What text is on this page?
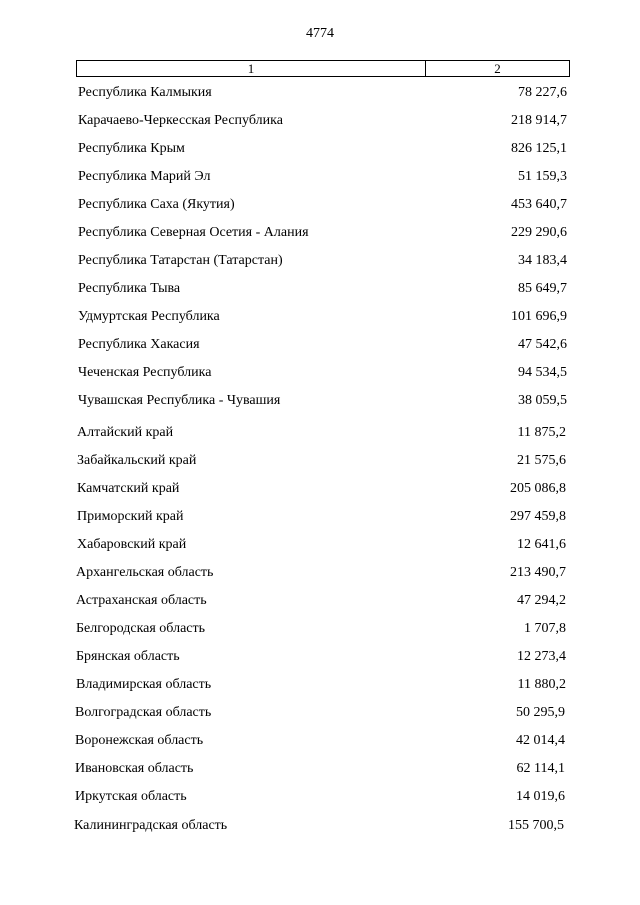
4774
1	2
Республика Калмыкия	78 227,6
Карачаево-Черкесская Республика	218 914,7
Республика Крым	826 125,1
Республика Марий Эл	51 159,3
Республика Саха (Якутия)	453 640,7
Республика Северная Осетия - Алания	229 290,6
Республика Татарстан (Татарстан)	34 183,4
Республика Тыва	85 649,7
Удмуртская Республика	101 696,9
Республика Хакасия	47 542,6
Чеченская Республика	94 534,5
Чувашская Республика - Чувашия	38 059,5
Алтайский край	11 875,2
Забайкальский край	21 575,6
Камчатский край	205 086,8
Приморский край	297 459,8
Хабаровский край	12 641,6
Архангельская область	213 490,7
Астраханская область	47 294,2
Белгородская область	1 707,8
Брянская область	12 273,4
Владимирская область	11 880,2
Волгоградская область	50 295,9
Воронежская область	42 014,4
Ивановская область	62 114,1
Иркутская область	14 019,6
Калининградская область	155 700,5
